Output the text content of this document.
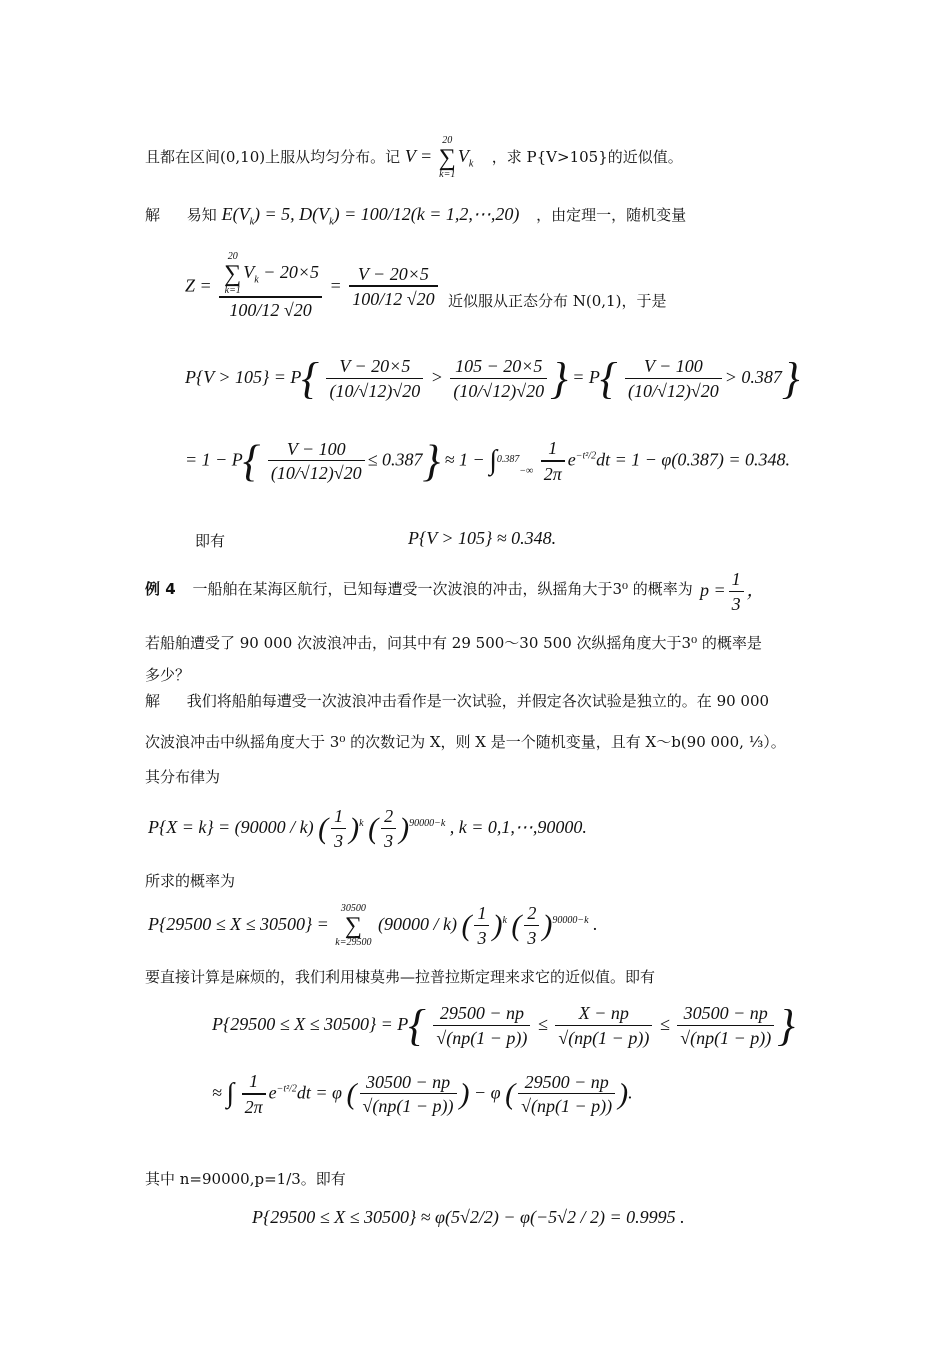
且都在区间(0,10)上服从均匀分布。记 V =
20
∑
k=1
$V_k$ ，求 P{V>105}的近似值。
解 易知 $E(V_k) = 5$, $D(V_k) = 100/12(k$ = 1,2,⋯,20) ，由定理一，随机变量
Z = 20
∑
k=1
$V_k - 20\times 5$
100/12 $√20 = \frac{V - 20\times 5}{100/12 √20}$ 近似服从正态分布 N(0,1)，于是
$P\{V > 105\} = P\{ \frac{V - 20\times 5}{(10/√12)√20} > \frac{105 - 20\times 5}{(10/√12)√20}$ } = $P\{ \frac{V - 100}{(10/√12)√20} > 0.387\}$
= $1 - P\{ \frac{V - 100}{(10/√12)√20} \le 0.387\} \approx 1 - \int^{0.387}_{-\infty} \frac{1}{2\pi} e^{-t^2/2}dt = 1 - \varphi(0.387) = 0.348$.
即有	P{V > 105} ≈ 0.348.
例 4 一船舶在某海区航行，已知每遭受一次波浪的冲击，纵摇角大于3⁰ 的概率为 $p = \frac{1}{3}$ ，
若船舶遭受了 90 000 次波浪冲击，问其中有 29 500～30 500 次纵摇角度大于3⁰ 的概率是
多少？
解 我们将船舶每遭受一次波浪冲击看作是一次试验，并假定各次试验是独立的。在 90 000
次波浪冲击中纵摇角度大于 3⁰ 的次数记为 X，则 X 是一个随机变量，且有 X～b(90 000, ⅓）。
其分布律为
P{X = k} = (90000 / k) ( $\frac{1}{3} )^k$ ( $\frac{2}{3} )^{90000-k}$ , k = 0,1,⋯,90000.
所求的概率为
P{29500 ≤ X ≤ 30500} =
30500
∑
k=29500
(90000 / k) ( $\frac{1}{3} )^k$ ( $\frac{2}{3} )^{90000-k}$ .
要直接计算是麻烦的，我们利用棣莫弗—拉普拉斯定理来求它的近似值。即有
$P\{29500 \le X \le 30500\} = P\{ \frac{29500 - np}{√(np(1 - p))} \le \frac{X - np}{√(np(1 - p))} \le \frac{30500 - np}{√(np(1 - p))}$ }
≈ ∫ $\frac{1}{2\pi} e^{-t^2/2}dt = \varphi$ ( $\frac{30500 - np}{√(np(1 - p))}$ ) − φ ( $\frac{29500 - np}{√(np(1 - p))}$ ).
其中 n=90000,p=1/3。即有
P{29500 ≤ X ≤ 30500} ≈ φ(5√2/2) − φ(−5√2 / 2) = 0.9995 .
